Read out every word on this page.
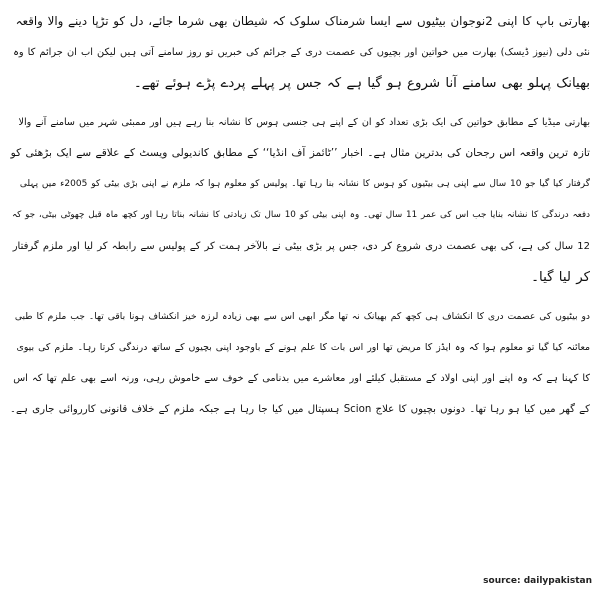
بھارتی باپ کا اپنی 2نوجوان بیٹیوں سے ایسا شرمناک سلوک کہ شیطان بھی شرما جائے، دل کو تڑپا دینے والا واقعہ
نئی دلی (نیوز ڈیسک) بھارت میں خواتین اور بچیوں کی عصمت دری کے جرائم کی خبریں تو روز سامنے آتی ہیں لیکن اب ان جرائم کا وہ
بھیانک پہلو بھی سامنے آنا شروع ہو گیا ہے کہ جس پر پہلے پردے پڑے ہوئے تھے۔

بھارتی میڈیا کے مطابق خواتین کی ایک بڑی تعداد کو ان کے اپنے ہی جنسی ہوس کا نشانہ بنا رہے ہیں اور ممبئی شہر میں سامنے آنے والا
تازہ ترین واقعہ اس رجحان کی بدترین مثال ہے۔ اخبار ’’ٹائمز آف انڈیا‘‘ کے مطابق کاندیولی ویسٹ کے علاقے سے ایک بڑھئی کو
گرفتار کیا گیا جو 10 سال سے اپنی ہی بیٹیوں کو ہوس کا نشانہ بنا رہا تھا۔ پولیس کو معلوم ہوا کہ ملزم نے اپنی بڑی بیٹی کو 2005ء میں پہلی
دفعہ درندگی کا نشانہ بنایا جب اس کی عمر 11 سال تھی۔ وہ اپنی بیٹی کو 10 سال تک زیادتی کا نشانہ بناتا رہا اور کچھ ماہ قبل چھوٹی بیٹی، جو کہ
12 سال کی ہے، کی بھی عصمت دری شروع کر دی، جس پر بڑی بیٹی نے بالآخر ہمت کر کے پولیس سے رابطہ کر لیا اور ملزم گرفتار
کر لیا گیا۔

دو بیٹیوں کی عصمت دری کا انکشاف ہی کچھ کم بھیانک نہ تھا مگر ابھی اس سے بھی زیادہ لرزہ خیز انکشاف ہونا باقی تھا۔ جب ملزم کا طبی
معائنہ کیا گیا تو معلوم ہوا کہ وہ ایڈز کا مریض تھا اور اس بات کا علم ہونے کے باوجود اپنی بچیوں کے ساتھ درندگی کرتا رہا۔ ملزم کی بیوی
کا کہنا ہے کہ وہ اپنے اور اپنی اولاد کے مستقبل کیلئے اور معاشرے میں بدنامی کے خوف سے خاموش رہی، ورنہ اسے بھی علم تھا کہ اس
کے گھر میں کیا ہو رہا تھا۔ دونوں بچیوں کا علاج Scion ہسپتال میں کیا جا رہا ہے جبکہ ملزم کے خلاف قانونی کارروائی جاری ہے۔

source: dailypakistan
